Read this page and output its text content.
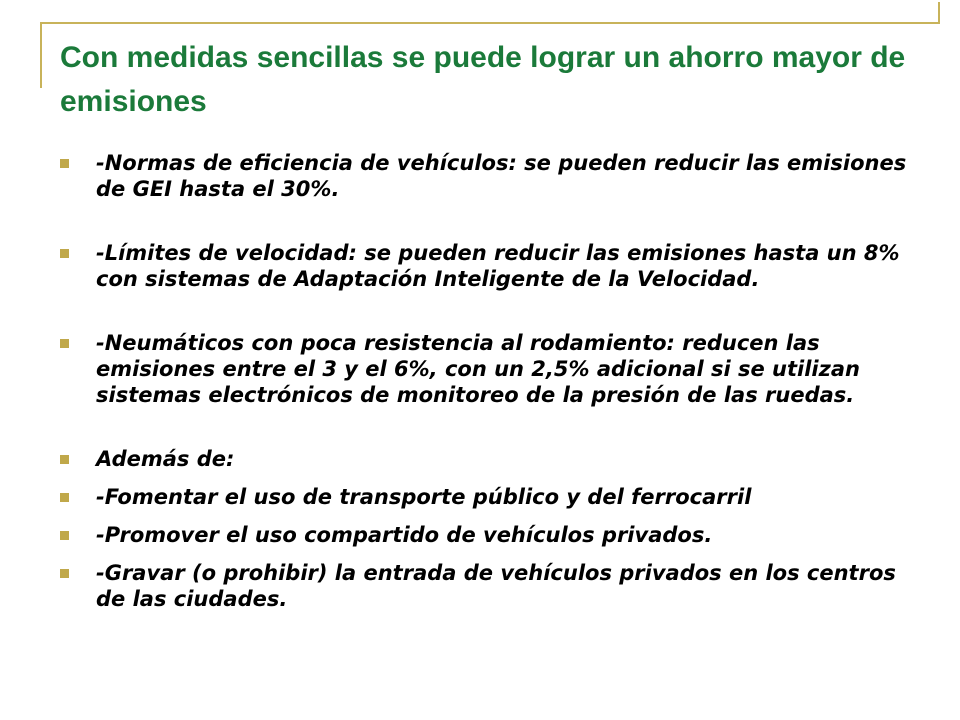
Con medidas sencillas se puede lograr un ahorro mayor de emisiones
-Normas de eficiencia de vehículos: se pueden reducir las emisiones de GEI hasta el 30%.
-Límites de velocidad: se pueden reducir las emisiones hasta un 8% con sistemas de Adaptación Inteligente de la Velocidad.
-Neumáticos con poca resistencia al rodamiento: reducen las emisiones entre el 3 y el 6%, con un 2,5% adicional si se utilizan sistemas electrónicos de monitoreo de la presión de las ruedas.
Además de:
-Fomentar el uso de transporte público y del ferrocarril
-Promover el uso compartido de vehículos privados.
-Gravar (o prohibir) la entrada de vehículos privados en los centros de las ciudades.
